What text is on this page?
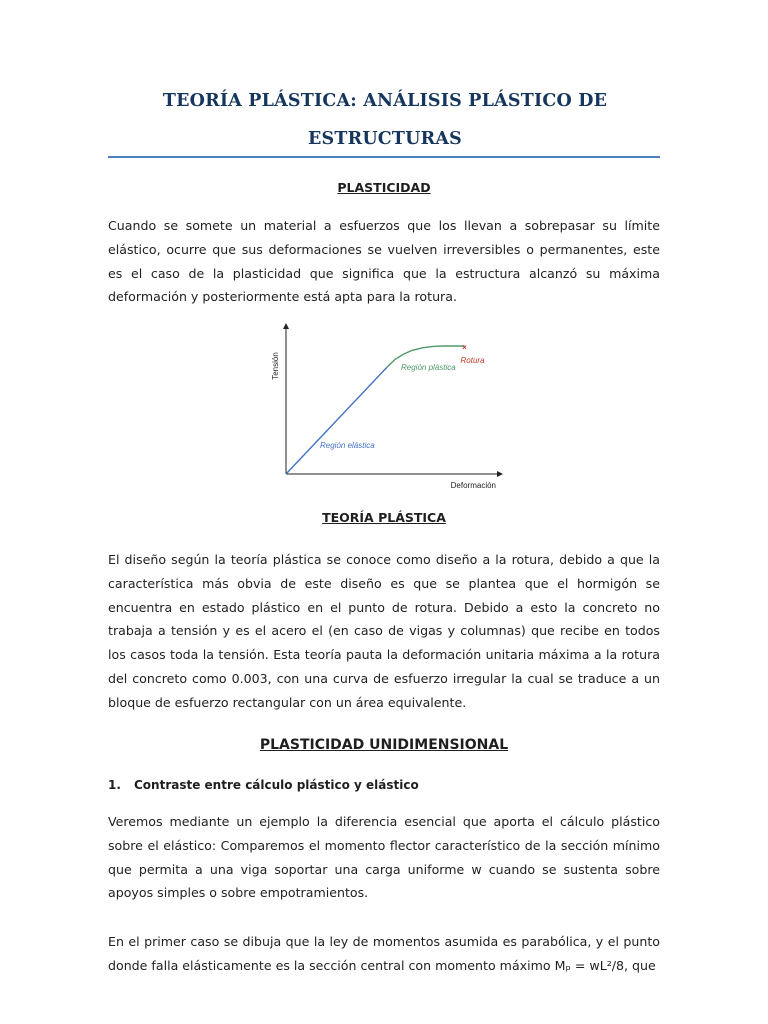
TEORÍA PLÁSTICA: ANÁLISIS PLÁSTICO DE ESTRUCTURAS
PLASTICIDAD

Cuando se somete un material a esfuerzos que los llevan a sobrepasar su límite elástico, ocurre que sus deformaciones se vuelven irreversibles o permanentes, este es el caso de la plasticidad que significa que la estructura alcanzó su máxima deformación y posteriormente está apta para la rotura.

Tensión
Deformación
Región elástica
Región plástica
×
Rotura
TEORÍA PLÁSTICA

El diseño según la teoría plástica se conoce como diseño a la rotura, debido a que la característica más obvia de este diseño es que se plantea que el hormigón se encuentra en estado plástico en el punto de rotura. Debido a esto la concreto no trabaja a tensión y es el acero el (en caso de vigas y columnas) que recibe en todos los casos toda la tensión. Esta teoría pauta la deformación unitaria máxima a la rotura del concreto como 0.003, con una curva de esfuerzo irregular la cual se traduce a un bloque de esfuerzo rectangular con un área equivalente.

PLASTICIDAD UNIDIMENSIONAL
1. Contraste entre cálculo plástico y elástico

Veremos mediante un ejemplo la diferencia esencial que aporta el cálculo plástico sobre el elástico: Comparemos el momento flector característico de la sección mínimo que permita a una viga soportar una carga uniforme w cuando se sustenta sobre apoyos simples o sobre empotramientos.

En el primer caso se dibuja que la ley de momentos asumida es parabólica, y el punto donde falla elásticamente es la sección central con momento máximo Mₚ = wL²/8, que
